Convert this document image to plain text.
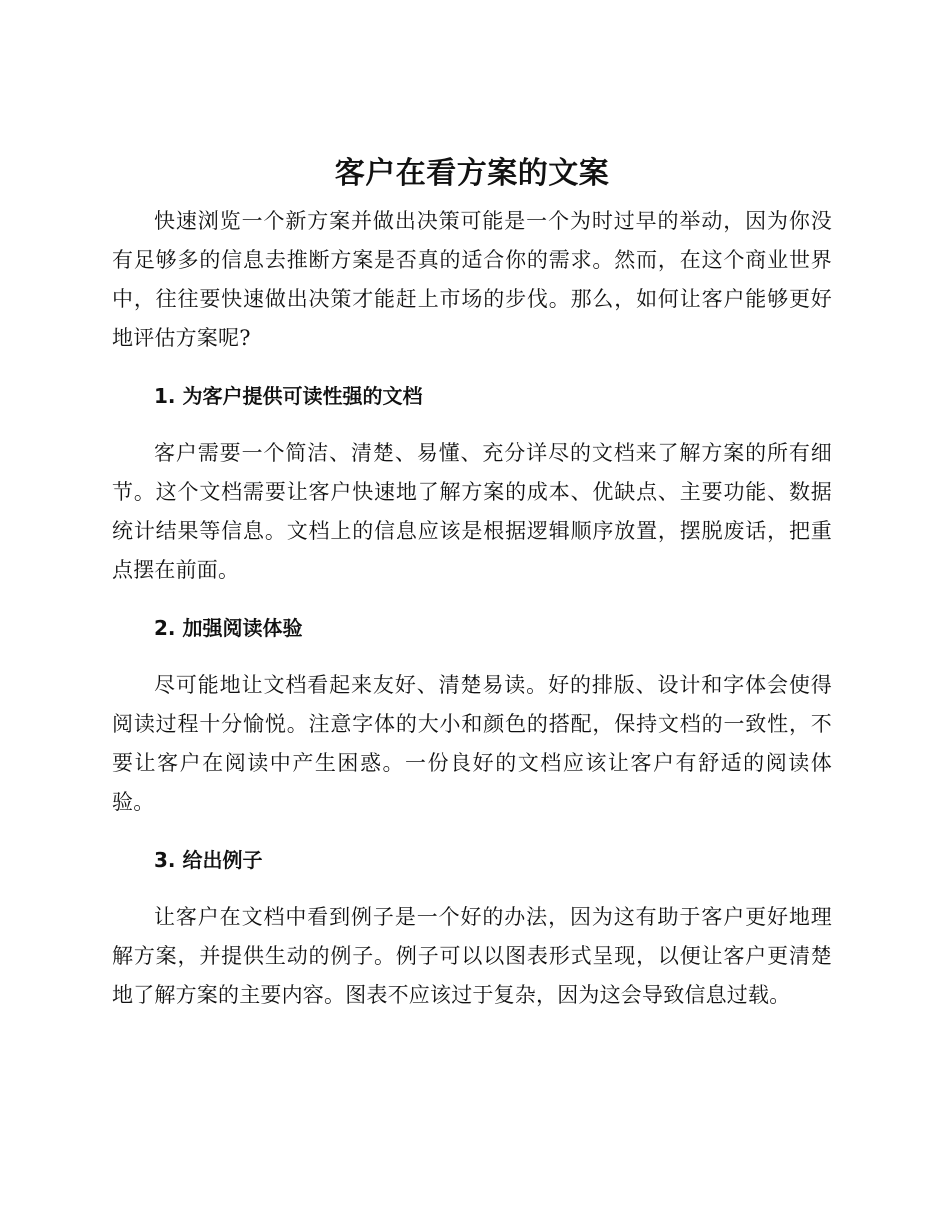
客户在看方案的文案

快速浏览一个新方案并做出决策可能是一个为时过早的举动，因为你没有足够多的信息去推断方案是否真的适合你的需求。然而，在这个商业世界中，往往要快速做出决策才能赶上市场的步伐。那么，如何让客户能够更好地评估方案呢?

1. 为客户提供可读性强的文档

客户需要一个简洁、清楚、易懂、充分详尽的文档来了解方案的所有细节。这个文档需要让客户快速地了解方案的成本、优缺点、主要功能、数据统计结果等信息。文档上的信息应该是根据逻辑顺序放置，摆脱废话，把重点摆在前面。

2. 加强阅读体验

尽可能地让文档看起来友好、清楚易读。好的排版、设计和字体会使得阅读过程十分愉悦。注意字体的大小和颜色的搭配，保持文档的一致性，不要让客户在阅读中产生困惑。一份良好的文档应该让客户有舒适的阅读体验。

3. 给出例子

让客户在文档中看到例子是一个好的办法，因为这有助于客户更好地理解方案，并提供生动的例子。例子可以以图表形式呈现，以便让客户更清楚地了解方案的主要内容。图表不应该过于复杂，因为这会导致信息过载。
